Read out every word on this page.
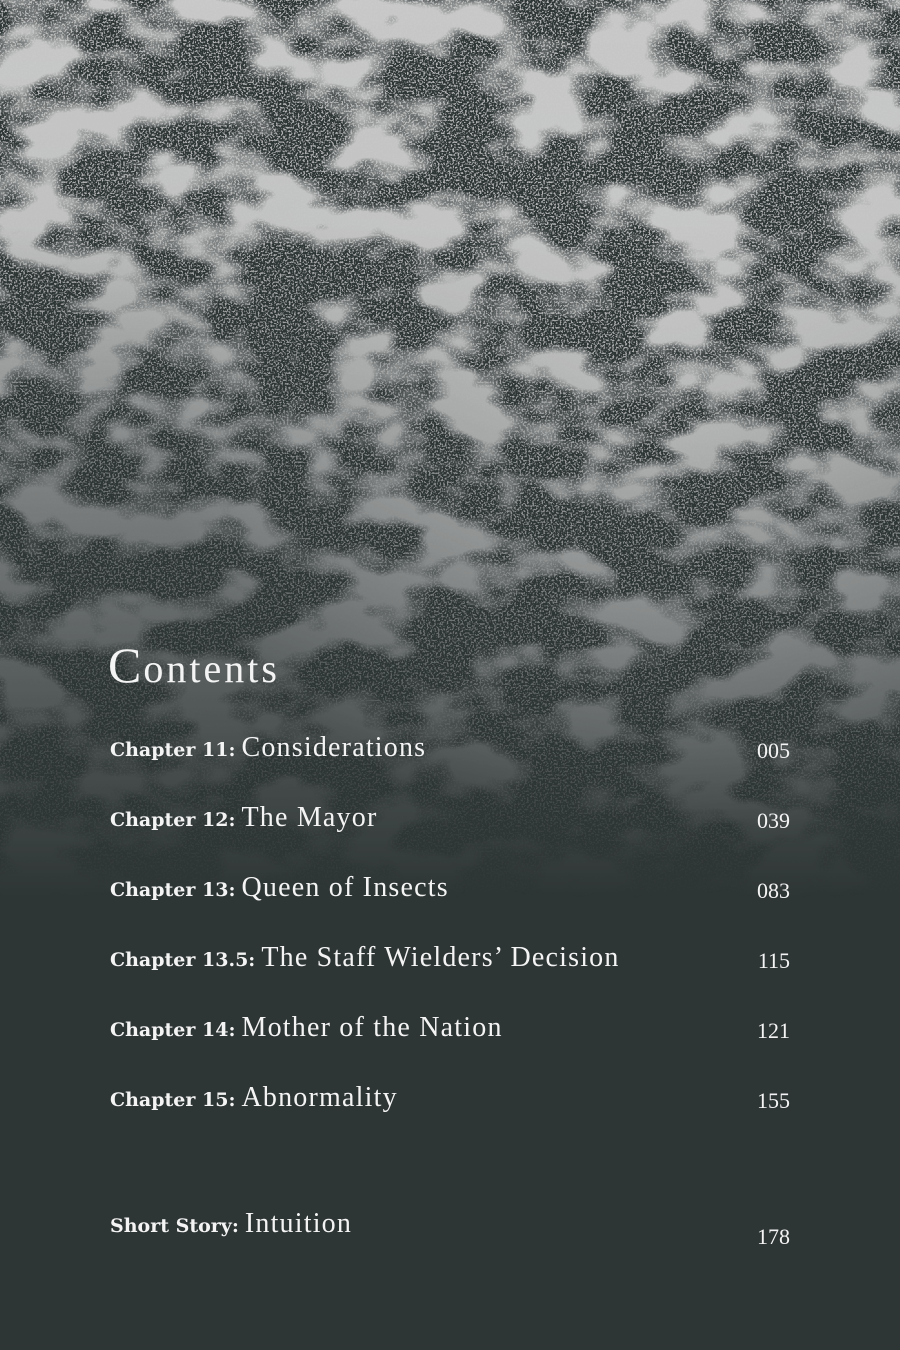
Contents
Chapter 11: Considerations	005
Chapter 12: The Mayor	039
Chapter 13: Queen of Insects	083
Chapter 13.5: The Staff Wielders’ Decision	115
Chapter 14: Mother of the Nation	121
Chapter 15: Abnormality	155
Short Story: Intuition	178
